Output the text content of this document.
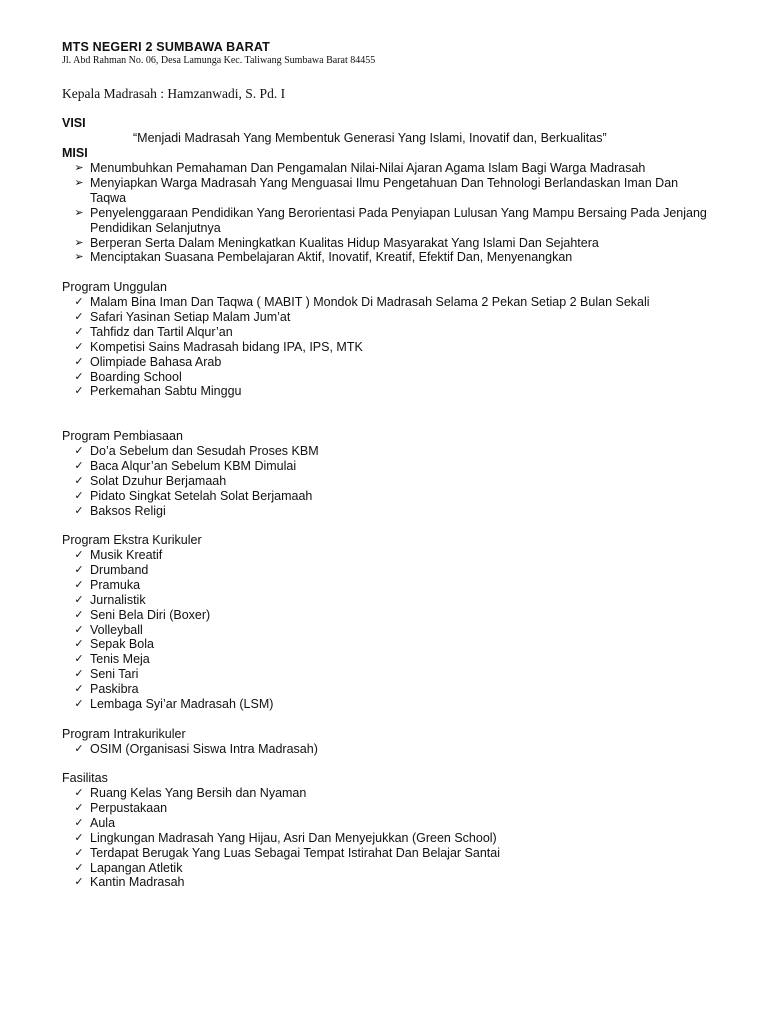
MTS NEGERI 2 SUMBAWA BARAT
Jl. Abd Rahman No. 06, Desa Lamunga Kec. Taliwang Sumbawa Barat 84455
Kepala Madrasah : Hamzanwadi, S. Pd. I
VISI
“Menjadi Madrasah Yang Membentuk Generasi Yang Islami, Inovatif dan, Berkualitas”
MISI
➢ Menumbuhkan Pemahaman Dan Pengamalan Nilai-Nilai Ajaran Agama Islam Bagi Warga Madrasah
➢ Menyiapkan Warga Madrasah Yang Menguasai Ilmu Pengetahuan Dan Tehnologi Berlandaskan Iman Dan Taqwa
➢ Penyelenggaraan Pendidikan Yang Berorientasi Pada Penyiapan Lulusan Yang Mampu Bersaing Pada Jenjang Pendidikan Selanjutnya
➢ Berperan Serta Dalam Meningkatkan Kualitas Hidup Masyarakat Yang Islami Dan Sejahtera
➢ Menciptakan Suasana Pembelajaran Aktif, Inovatif, Kreatif, Efektif Dan, Menyenangkan
Program Unggulan
✓ Malam Bina Iman Dan Taqwa ( MABIT ) Mondok Di Madrasah Selama 2 Pekan Setiap 2 Bulan Sekali
✓ Safari Yasinan Setiap Malam Jum’at
✓ Tahfidz dan Tartil Alqur’an
✓ Kompetisi Sains Madrasah bidang IPA, IPS, MTK
✓ Olimpiade Bahasa Arab
✓ Boarding School
✓ Perkemahan Sabtu Minggu
Program Pembiasaan
✓ Do’a Sebelum dan Sesudah Proses KBM
✓ Baca Alqur’an Sebelum KBM Dimulai
✓ Solat Dzuhur Berjamaah
✓ Pidato Singkat Setelah Solat Berjamaah
✓ Baksos Religi
Program Ekstra Kurikuler
✓ Musik Kreatif
✓ Drumband
✓ Pramuka
✓ Jurnalistik
✓ Seni Bela Diri (Boxer)
✓ Volleyball
✓ Sepak Bola
✓ Tenis Meja
✓ Seni Tari
✓ Paskibra
✓ Lembaga Syi’ar Madrasah (LSM)
Program Intrakurikuler
✓ OSIM (Organisasi Siswa Intra Madrasah)
Fasilitas
✓ Ruang Kelas Yang Bersih dan Nyaman
✓ Perpustakaan
✓ Aula
✓ Lingkungan Madrasah Yang Hijau, Asri Dan Menyejukkan (Green School)
✓ Terdapat Berugak Yang Luas Sebagai Tempat Istirahat Dan Belajar Santai
✓ Lapangan Atletik
✓ Kantin Madrasah
